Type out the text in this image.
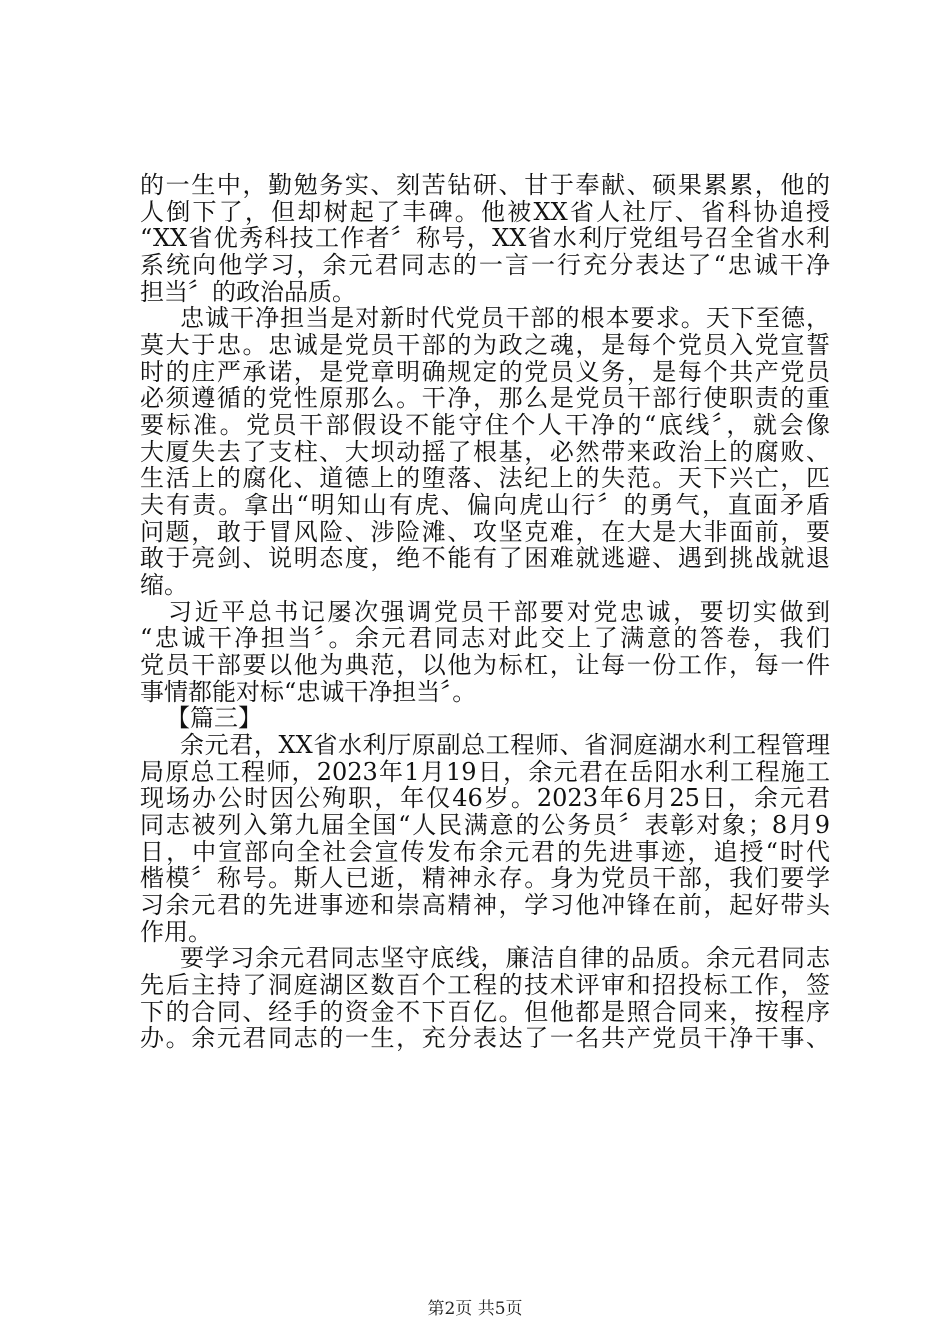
的一生中，勤勉务实、刻苦钻研、甘于奉献、硕果累累，他的
人倒下了，但却树起了丰碑。他被XX省人社厅、省科协追授
“XX省优秀科技工作者〞称号，XX省水利厅党组号召全省水利
系统向他学习，余元君同志的一言一行充分表达了“忠诚干净
担当〞的政治品质。
忠诚干净担当是对新时代党员干部的根本要求。天下至德，
莫大于忠。忠诚是党员干部的为政之魂，是每个党员入党宣誓
时的庄严承诺，是党章明确规定的党员义务，是每个共产党员
必须遵循的党性原那么。干净，那么是党员干部行使职责的重
要标准。党员干部假设不能守住个人干净的“底线〞，就会像
大厦失去了支柱、大坝动摇了根基，必然带来政治上的腐败、
生活上的腐化、道德上的堕落、法纪上的失范。天下兴亡，匹
夫有责。拿出“明知山有虎、偏向虎山行〞的勇气，直面矛盾
问题，敢于冒风险、涉险滩、攻坚克难，在大是大非面前，要
敢于亮剑、说明态度，绝不能有了困难就逃避、遇到挑战就退
缩。
习近平总书记屡次强调党员干部要对党忠诚，要切实做到
“忠诚干净担当〞。余元君同志对此交上了满意的答卷，我们
党员干部要以他为典范，以他为标杠，让每一份工作，每一件
事情都能对标“忠诚干净担当〞。
【篇三】
余元君，XX省水利厅原副总工程师、省洞庭湖水利工程管理
局原总工程师，2023年1月19日，余元君在岳阳水利工程施工
现场办公时因公殉职，年仅46岁。2023年6月25日，余元君
同志被列入第九届全国“人民满意的公务员〞表彰对象；8月9
日，中宣部向全社会宣传发布余元君的先进事迹，追授“时代
楷模〞称号。斯人已逝，精神永存。身为党员干部，我们要学
习余元君的先进事迹和崇高精神，学习他冲锋在前，起好带头
作用。
第2页 共5页
要学习余元君同志坚守底线，廉洁自律的品质。余元君同志
先后主持了洞庭湖区数百个工程的技术评审和招投标工作，签
下的合同、经手的资金不下百亿。但他都是照合同来，按程序
办。余元君同志的一生，充分表达了一名共产党员干净干事、
